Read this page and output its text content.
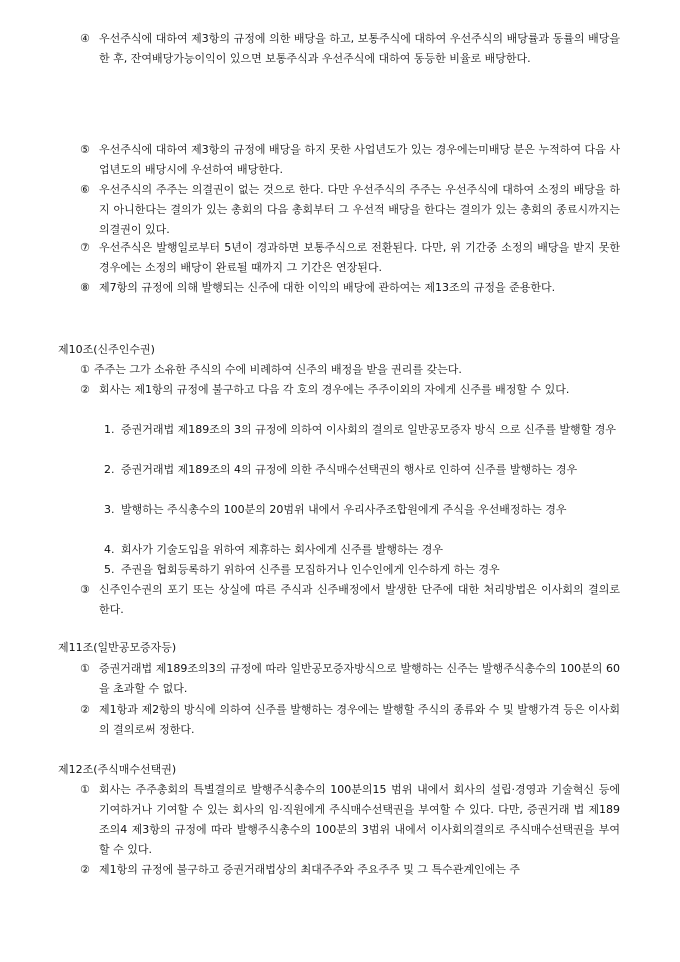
④ 우선주식에 대하여 제3항의 규정에 의한 배당을 하고, 보통주식에 대하여 우선주식의 배당률과 동률의 배당을 한 후, 잔여배당가능이익이 있으면 보통주식과 우선주식에 대하여 동등한 비율로 배당한다.
⑤ 우선주식에 대하여 제3항의 규정에 배당을 하지 못한 사업년도가 있는 경우에는미배당 분은 누적하여 다음 사업년도의 배당시에 우선하여 배당한다.
⑥ 우선주식의 주주는 의결권이 없는 것으로 한다. 다만 우선주식의 주주는 우선주식에 대하여 소정의 배당을 하지 아니한다는 결의가 있는 총회의 다음 총회부터 그 우선적 배당을 한다는 결의가 있는 총회의 종료시까지는 의결권이 있다.
⑦ 우선주식은 발행일로부터 5년이 경과하면 보통주식으로 전환된다. 다만, 위 기간중 소정의 배당을 받지 못한 경우에는 소정의 배당이 완료될 때까지 그 기간은 연장된다.
⑧ 제7항의 규정에 의해 발행되는 신주에 대한 이익의 배당에 관하여는 제13조의 규정을 준용한다.
제10조(신주인수권)
① 주주는 그가 소유한 주식의 수에 비례하여 신주의 배정을 받을 권리를 갖는다.
② 회사는 제1항의 규정에 불구하고 다음 각 호의 경우에는 주주이외의 자에게 신주를 배정할 수 있다.
1. 증권거래법 제189조의 3의 규정에 의하여 이사회의 결의로 일반공모증자 방식 으로 신주를 발행할 경우
2. 증권거래법 제189조의 4의 규정에 의한 주식매수선택권의 행사로 인하여 신주를 발행하는 경우
3. 발행하는 주식총수의 100분의 20범위 내에서 우리사주조합원에게 주식을 우선배정하는 경우
4. 회사가 기술도입을 위하여 제휴하는 회사에게 신주를 발행하는 경우
5. 주권을 협회등록하기 위하여 신주를 모집하거나 인수인에게 인수하게 하는 경우
③ 신주인수권의 포기 또는 상실에 따른 주식과 신주배정에서 발생한 단주에 대한 처리방법은 이사회의 결의로 한다.
제11조(일반공모증자등)
① 증권거래법 제189조의3의 규정에 따라 일반공모증자방식으로 발행하는 신주는 발행주식총수의 100분의 60을 초과할 수 없다.
② 제1항과 제2항의 방식에 의하여 신주를 발행하는 경우에는 발행할 주식의 종류와 수 및 발행가격 등은 이사회의 결의로써 정한다.
제12조(주식매수선택권)
① 회사는 주주총회의 특별결의로 발행주식총수의 100분의15 범위 내에서 회사의 설립·경영과 기술혁신 등에 기여하거나 기여할 수 있는 회사의 임·직원에게 주식매수선택권을 부여할 수 있다. 다만, 증권거래 법 제189조의4 제3항의 규정에 따라 발행주식총수의 100분의 3범위 내에서 이사회의결의로 주식매수선택권을 부여할 수 있다.
② 제1항의 규정에 불구하고 증권거래법상의 최대주주와 주요주주 및 그 특수관계인에는 주
